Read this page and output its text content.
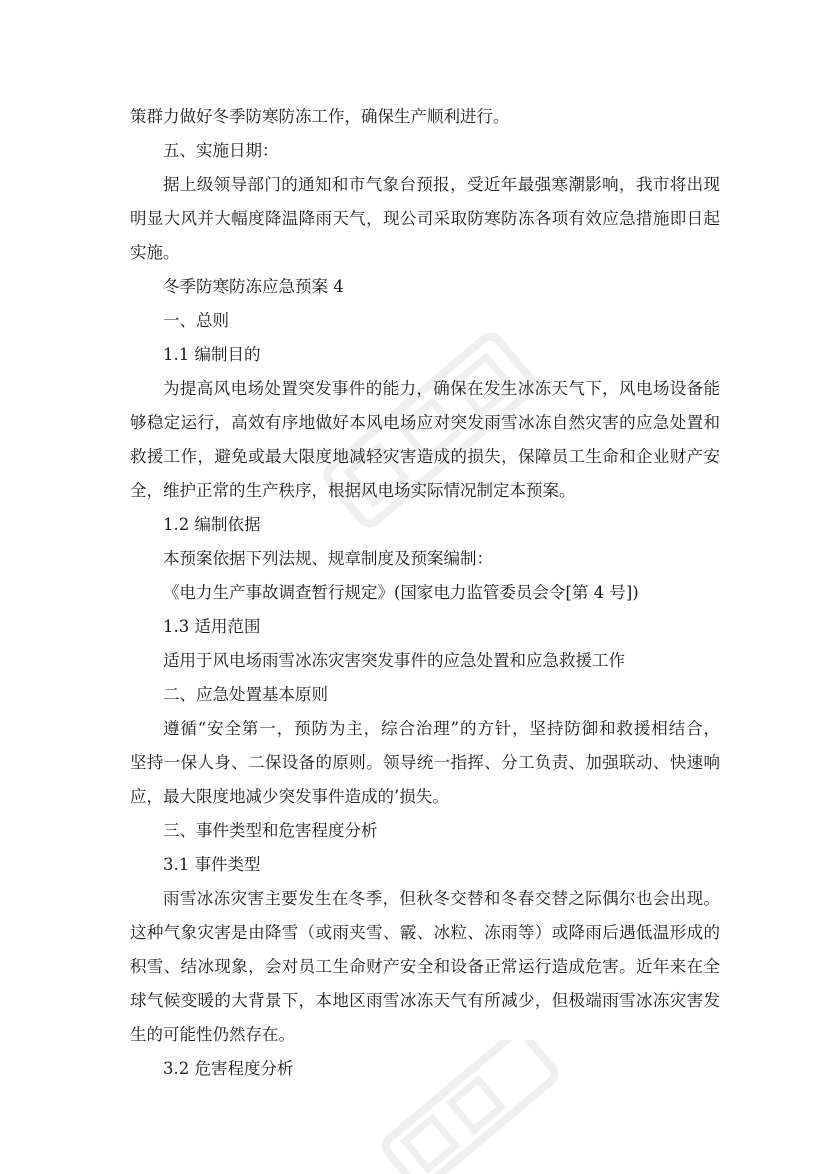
策群力做好冬季防寒防冻工作，确保生产顺利进行。
五、实施日期：
据上级领导部门的通知和市气象台预报，受近年最强寒潮影响，我市将出现
明显大风并大幅度降温降雨天气，现公司采取防寒防冻各项有效应急措施即日起
实施。
冬季防寒防冻应急预案 4
一、总则
1.1 编制目的
为提高风电场处置突发事件的能力，确保在发生冰冻天气下，风电场设备能
够稳定运行，高效有序地做好本风电场应对突发雨雪冰冻自然灾害的应急处置和
救援工作，避免或最大限度地减轻灾害造成的损失，保障员工生命和企业财产安
全，维护正常的生产秩序，根据风电场实际情况制定本预案。
1.2 编制依据
本预案依据下列法规、规章制度及预案编制：
《电力生产事故调查暂行规定》(国家电力监管委员会令[第 4 号])
1.3 适用范围
适用于风电场雨雪冰冻灾害突发事件的应急处置和应急救援工作
二、应急处置基本原则
遵循“安全第一，预防为主，综合治理”的方针，坚持防御和救援相结合，
坚持一保人身、二保设备的原则。领导统一指挥、分工负责、加强联动、快速响
应，最大限度地减少突发事件造成的’损失。
三、事件类型和危害程度分析
3.1 事件类型
雨雪冰冻灾害主要发生在冬季，但秋冬交替和冬春交替之际偶尔也会出现。
这种气象灾害是由降雪（或雨夹雪、霰、冰粒、冻雨等）或降雨后遇低温形成的
积雪、结冰现象，会对员工生命财产安全和设备正常运行造成危害。近年来在全
球气候变暖的大背景下，本地区雨雪冰冻天气有所减少，但极端雨雪冰冻灾害发
生的可能性仍然存在。
3.2 危害程度分析
